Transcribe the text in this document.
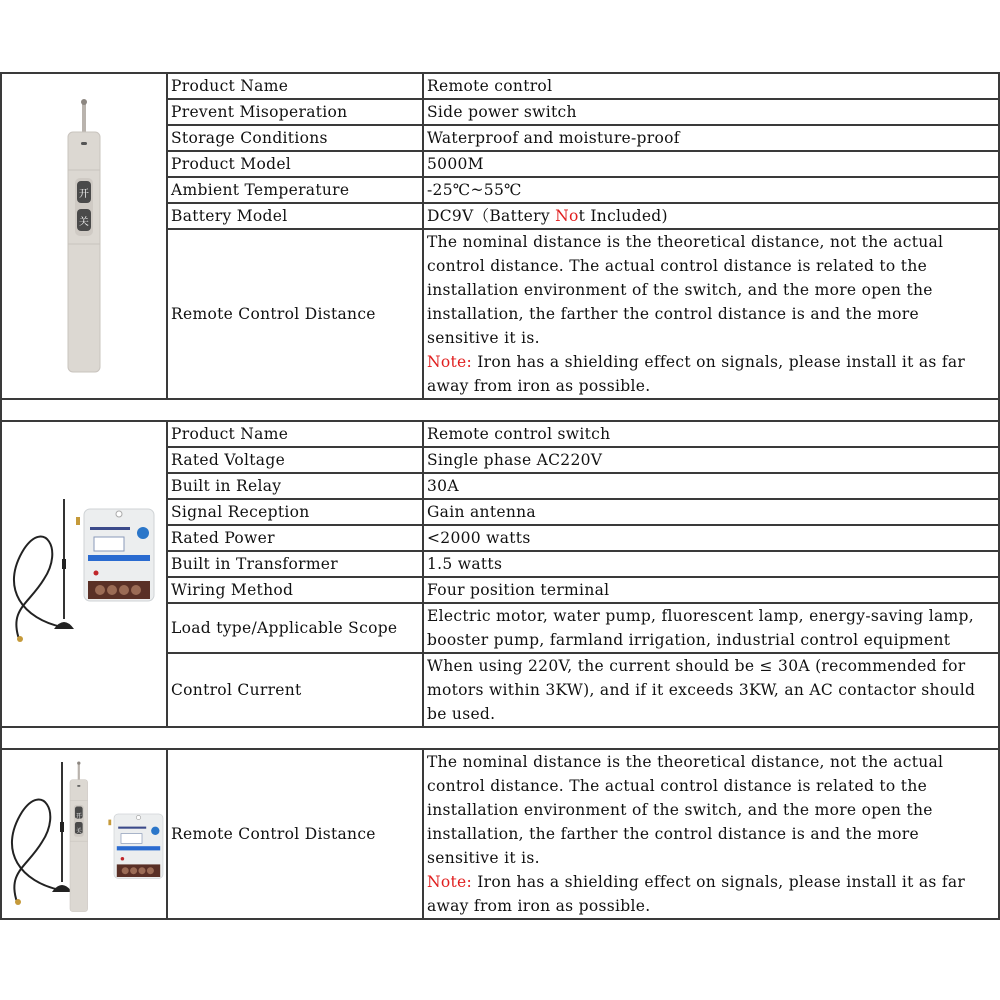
开
关	Product Name	Remote control
	Prevent Misoperation	Side power switch
	Storage Conditions	Waterproof and moisture-proof
	Product Model	5000M
	Ambient Temperature	-25℃~55℃
	Battery Model	DC9V（Battery Not Included)
	Remote Control Distance	The nominal distance is the theoretical distance, not the actual control distance. The actual control distance is related to the installation environment of the switch, and the more open the installation, the farther the control distance is and the more sensitive it is.
Note: Iron has a shielding effect on signals, please install it as far away from iron as possible.

	Product Name	Remote control switch
	Rated Voltage	Single phase AC220V
	Built in Relay	30A
	Signal Reception	Gain antenna
	Rated Power	<2000 watts
	Built in Transformer	1.5 watts
	Wiring Method	Four position terminal
	Load type/Applicable Scope	Electric motor, water pump, fluorescent lamp, energy-saving lamp, booster pump, farmland irrigation, industrial control equipment
	Control Current	When using 220V, the current should be ≤ 30A (recommended for motors within 3KW), and if it exceeds 3KW, an AC contactor should be used.

开
关	Remote Control Distance	The nominal distance is the theoretical distance, not the actual control distance. The actual control distance is related to the installation environment of the switch, and the more open the installation, the farther the control distance is and the more sensitive it is.
Note: Iron has a shielding effect on signals, please install it as far away from iron as possible.
